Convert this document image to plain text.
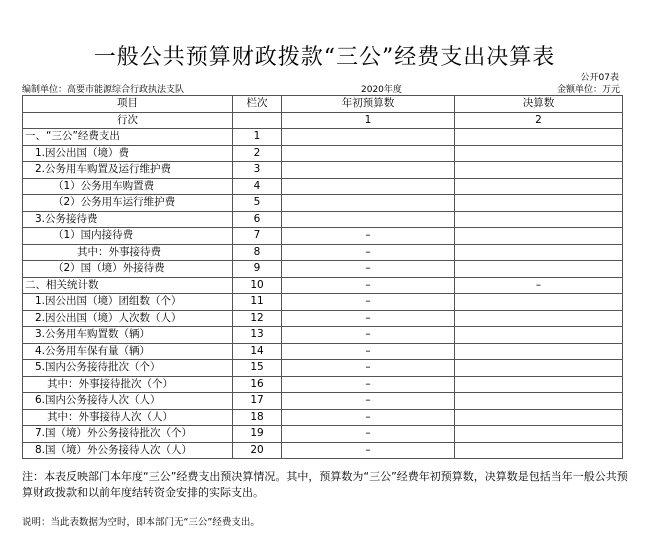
一般公共预算财政拨款“三公”经费支出决算表
公开07表
编制单位：高要市能源综合行政执法支队	2020年度	金额单位：万元
项目	栏次	年初预算数	决算数
行次		1	2
一、“三公”经费支出	1		
1.因公出国（境）费	2		
2.公务用车购置及运行维护费	3		
（1）公务用车购置费	4		
（2）公务用车运行维护费	5		
3.公务接待费	6		
（1）国内接待费	7	–	
其中：外事接待费	8	–	
（2）国（境）外接待费	9	–	
二、相关统计数	10	–	–
1.因公出国（境）团组数（个）	11	–	
2.因公出国（境）人次数（人）	12	–	
3.公务用车购置数（辆）	13	–	
4.公务用车保有量（辆）	14	–	
5.国内公务接待批次（个）	15	–	
其中：外事接待批次（个）	16	–	
6.国内公务接待人次（人）	17	–	
其中：外事接待人次（人）	18	–	
7.国（境）外公务接待批次（个）	19	–	
8.国（境）外公务接待人次（人）	20	–	
注：本表反映部门本年度“三公”经费支出预决算情况。其中，预算数为“三公”经费年初预算数，决算数是包括当年一般公共预算财政拨款和以前年度结转资金安排的实际支出。
说明：当此表数据为空时，即本部门无“三公”经费支出。
